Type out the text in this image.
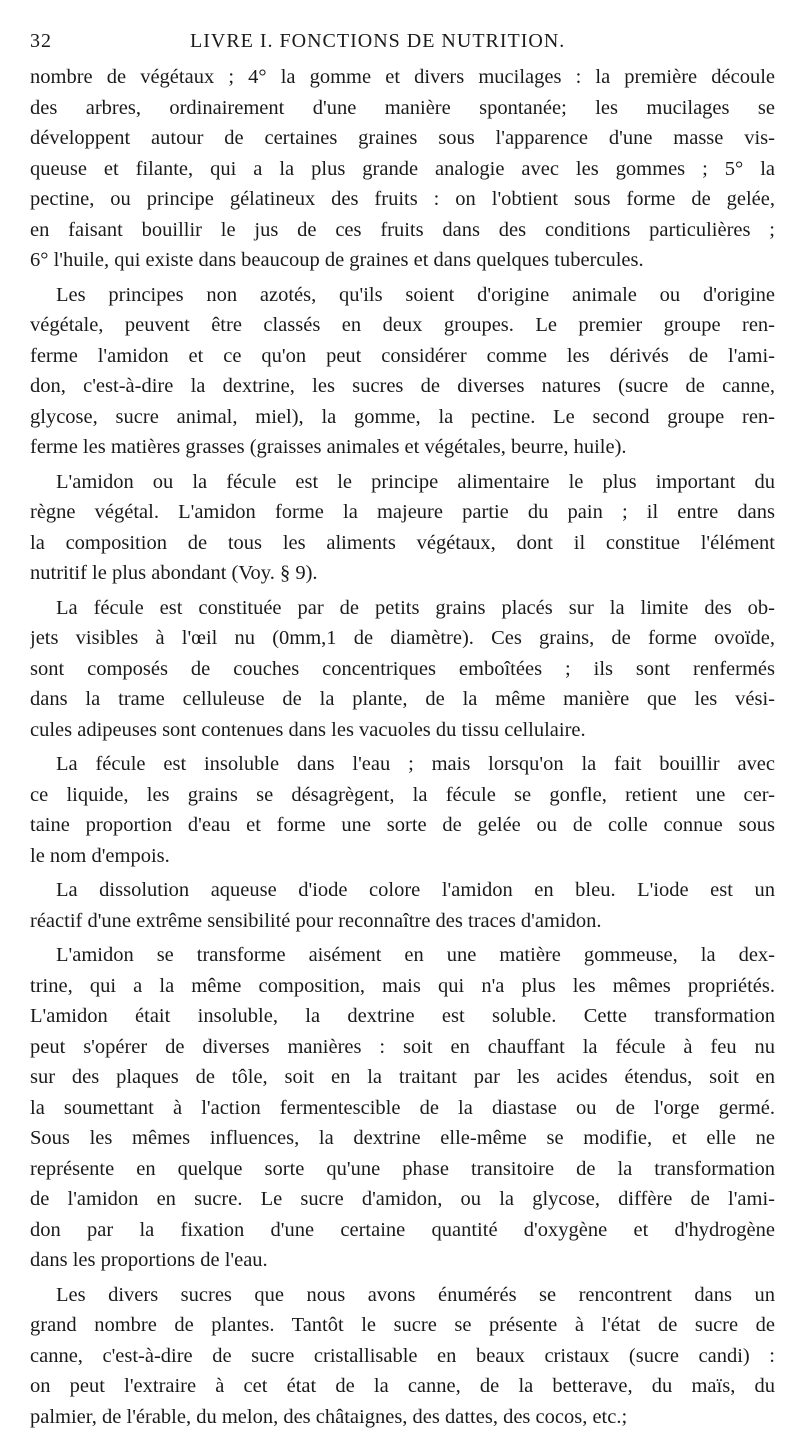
32	LIVRE I. FONCTIONS DE NUTRITION.

nombre de végétaux ; 4° la gomme et divers mucilages : la première découle
des arbres, ordinairement d'une manière spontanée; les mucilages se
développent autour de certaines graines sous l'apparence d'une masse vis-
queuse et filante, qui a la plus grande analogie avec les gommes ; 5° la
pectine, ou principe gélatineux des fruits : on l'obtient sous forme de gelée,
en faisant bouillir le jus de ces fruits dans des conditions particulières ;
6° l'huile, qui existe dans beaucoup de graines et dans quelques tubercules.

Les principes non azotés, qu'ils soient d'origine animale ou d'origine
végétale, peuvent être classés en deux groupes. Le premier groupe ren-
ferme l'amidon et ce qu'on peut considérer comme les dérivés de l'ami-
don, c'est-à-dire la dextrine, les sucres de diverses natures (sucre de canne,
glycose, sucre animal, miel), la gomme, la pectine. Le second groupe ren-
ferme les matières grasses (graisses animales et végétales, beurre, huile).

L'amidon ou la fécule est le principe alimentaire le plus important du
règne végétal. L'amidon forme la majeure partie du pain ; il entre dans
la composition de tous les aliments végétaux, dont il constitue l'élément
nutritif le plus abondant (Voy. § 9).

La fécule est constituée par de petits grains placés sur la limite des ob-
jets visibles à l'œil nu (0mm,1 de diamètre). Ces grains, de forme ovoïde,
sont composés de couches concentriques emboîtées ; ils sont renfermés
dans la trame celluleuse de la plante, de la même manière que les vési-
cules adipeuses sont contenues dans les vacuoles du tissu cellulaire.

La fécule est insoluble dans l'eau ; mais lorsqu'on la fait bouillir avec
ce liquide, les grains se désagrègent, la fécule se gonfle, retient une cer-
taine proportion d'eau et forme une sorte de gelée ou de colle connue sous
le nom d'empois.

La dissolution aqueuse d'iode colore l'amidon en bleu. L'iode est un
réactif d'une extrême sensibilité pour reconnaître des traces d'amidon.

L'amidon se transforme aisément en une matière gommeuse, la dex-
trine, qui a la même composition, mais qui n'a plus les mêmes propriétés.
L'amidon était insoluble, la dextrine est soluble. Cette transformation
peut s'opérer de diverses manières : soit en chauffant la fécule à feu nu
sur des plaques de tôle, soit en la traitant par les acides étendus, soit en
la soumettant à l'action fermentescible de la diastase ou de l'orge germé.
Sous les mêmes influences, la dextrine elle-même se modifie, et elle ne
représente en quelque sorte qu'une phase transitoire de la transformation
de l'amidon en sucre. Le sucre d'amidon, ou la glycose, diffère de l'ami-
don par la fixation d'une certaine quantité d'oxygène et d'hydrogène
dans les proportions de l'eau.

Les divers sucres que nous avons énumérés se rencontrent dans un
grand nombre de plantes. Tantôt le sucre se présente à l'état de sucre de
canne, c'est-à-dire de sucre cristallisable en beaux cristaux (sucre candi) :
on peut l'extraire à cet état de la canne, de la betterave, du maïs, du
palmier, de l'érable, du melon, des châtaignes, des dattes, des cocos, etc.;
